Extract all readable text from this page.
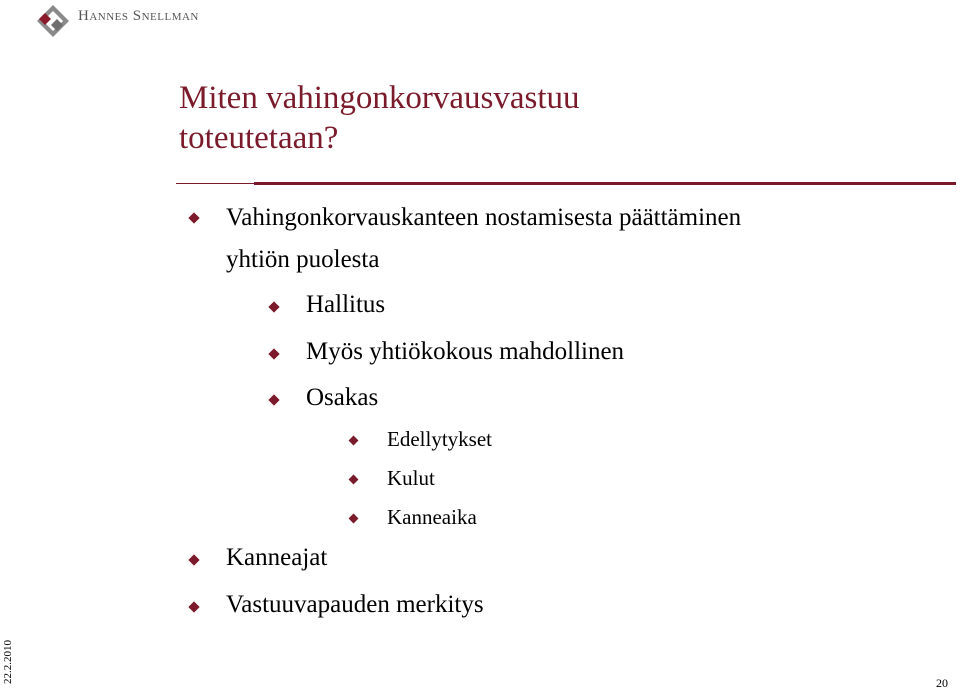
Hannes Snellman
Miten vahingonkorvausvastuu
toteutetaan?
Vahingonkorvauskanteen nostamisesta päättäminen
yhtiön puolesta
Hallitus
Myös yhtiökokous mahdollinen
Osakas
Edellytykset
Kulut
Kanneaika
Kanneajat
Vastuuvapauden merkitys
22.2.2010	20
